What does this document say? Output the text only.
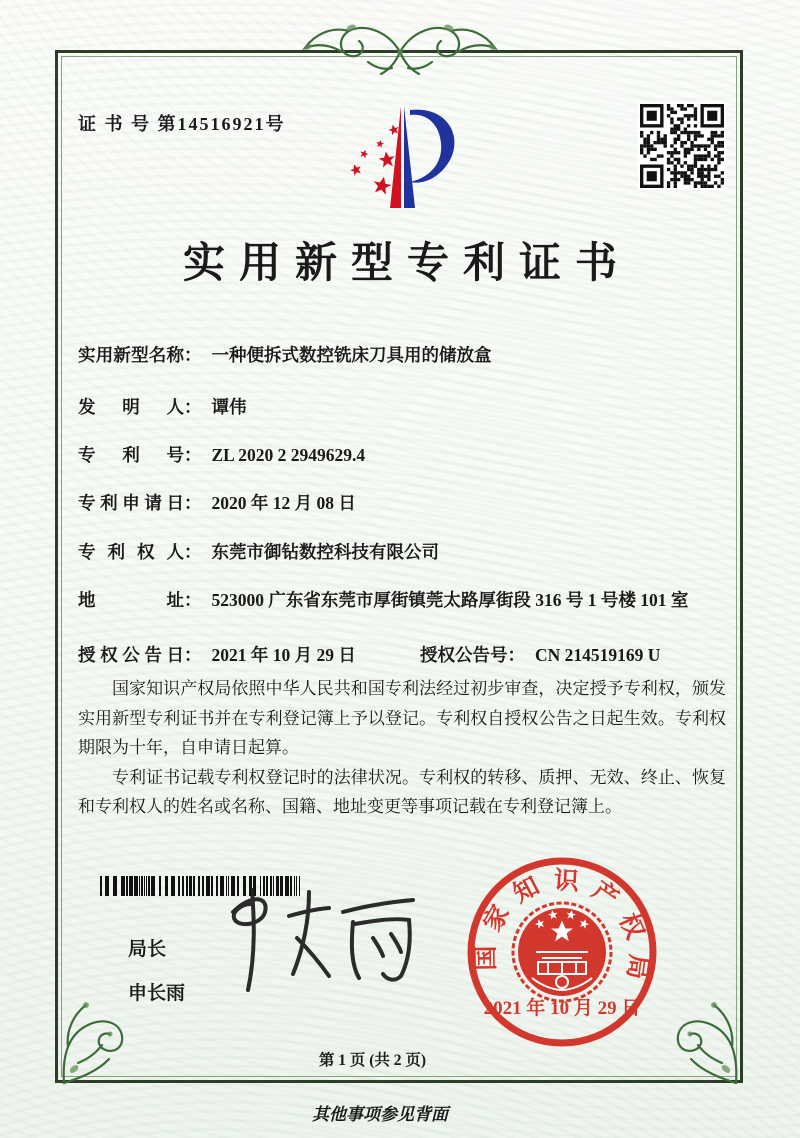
证 书 号 第14516921号
实用新型专利证书
实用新型名称 ： 一种便拆式数控铣床刀具用的储放盒
发明人 ： 谭伟
专利号 ： ZL 2020 2 2949629.4
专利申请日 ： 2020 年 12 月 08 日
专利权人 ： 东莞市御钻数控科技有限公司
地址 ： 523000 广东省东莞市厚街镇莞太路厚街段 316 号 1 号楼 101 室
授权公告日 ： 2021 年 10 月 29 日	授权公告号 ： CN 214519169 U

国家知识产权局依照中华人民共和国专利法经过初步审查，决定授予专利权，颁发实用新型专利证书并在专利登记簿上予以登记。专利权自授权公告之日起生效。专利权期限为十年，自申请日起算。

专利证书记载专利权登记时的法律状况。专利权的转移、质押、无效、终止、恢复和专利权人的姓名或名称、国籍、地址变更等事项记载在专利登记簿上。

局长
申长雨
国家知识产权局
2021 年 10 月 29 日
第 1 页 (共 2 页)
其他事项参见背面
